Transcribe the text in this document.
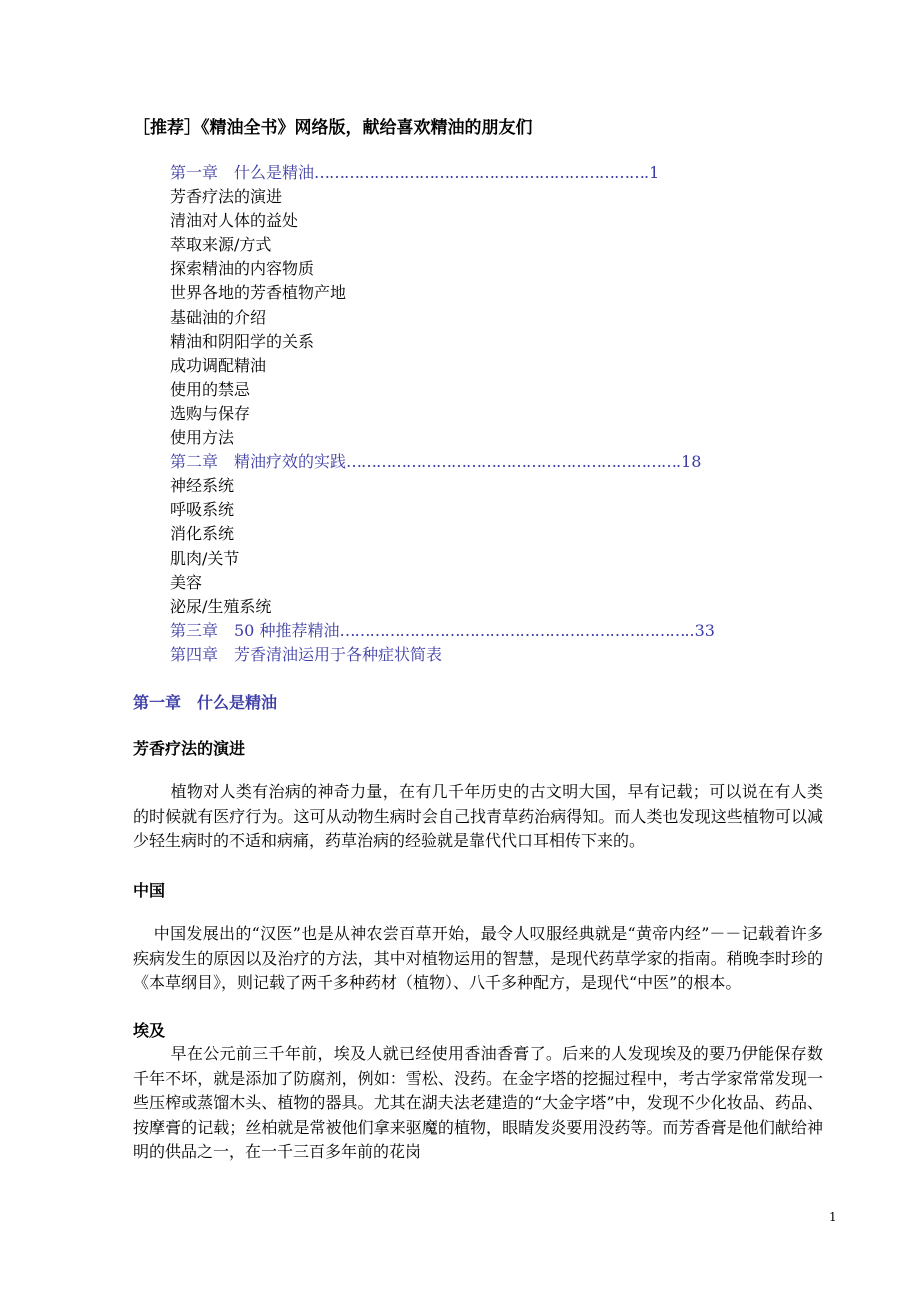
［推荐］《精油全书》网络版，献给喜欢精油的朋友们
第一章　什么是精油………………………………………………………….1
芳香疗法的演进
清油对人体的益处
萃取来源/方式
探索精油的内容物质
世界各地的芳香植物产地
基础油的介绍
精油和阴阳学的关系
成功调配精油
使用的禁忌
选购与保存
使用方法
第二章　精油疗效的实践………………………………………………………….18
神经系统
呼吸系统
消化系统
肌肉/关节
美容
泌尿/生殖系统
第三章　50 种推荐精油……………………………………………………………..33
第四章　芳香清油运用于各种症状简表
第一章　什么是精油
芳香疗法的演进

植物对人类有治病的神奇力量，在有几千年历史的古文明大国，早有记载；可以说在有人类的时候就有医疗行为。这可从动物生病时会自己找青草药治病得知。而人类也发现这些植物可以减少轻生病时的不适和病痛，药草治病的经验就是靠代代口耳相传下来的。

中国

中国发展出的“汉医”也是从神农尝百草开始，最令人叹服经典就是“黄帝内经”－－记载着许多疾病发生的原因以及治疗的方法，其中对植物运用的智慧，是现代药草学家的指南。稍晚李时珍的《本草纲目》，则记载了两千多种药材（植物）、八千多种配方，是现代“中医”的根本。

埃及

早在公元前三千年前，埃及人就已经使用香油香膏了。后来的人发现埃及的要乃伊能保存数千年不坏，就是添加了防腐剂，例如：雪松、没药。在金字塔的挖掘过程中，考古学家常常发现一些压榨或蒸馏木头、植物的器具。尤其在湖夫法老建造的“大金字塔”中，发现不少化妆品、药品、按摩膏的记载；丝柏就是常被他们拿来驱魔的植物，眼睛发炎要用没药等。而芳香膏是他们献给神明的供品之一，在一千三百多年前的花岗

1
